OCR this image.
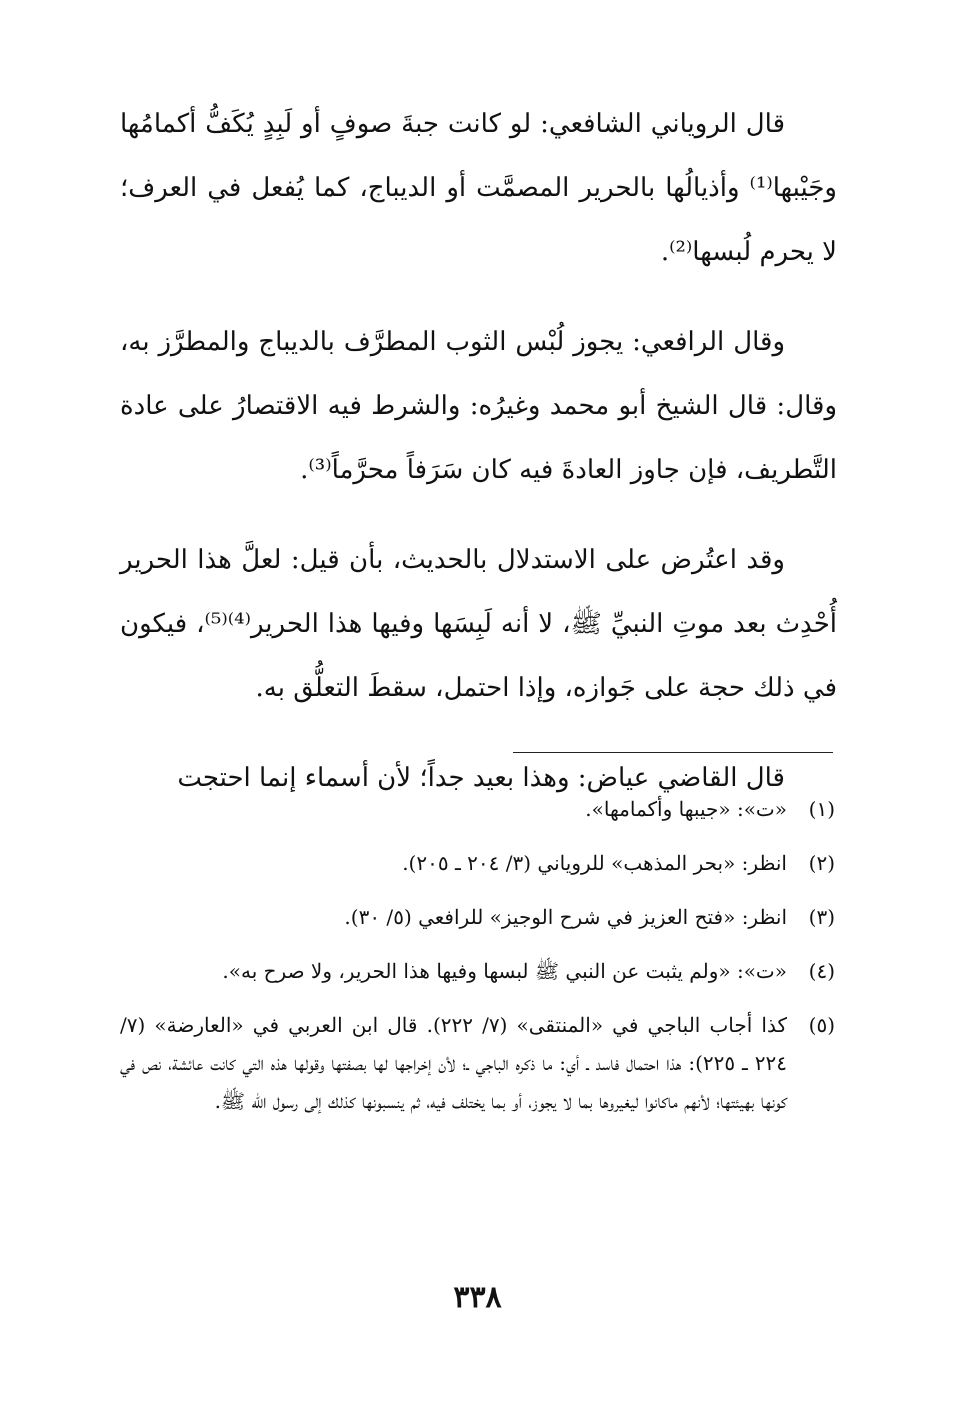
قال الروياني الشافعي: لو كانت جبةَ صوفٍ أو لَبِدٍ يُكَفُّ أكمامُها وجَيْبها⁽¹⁾ وأذيالُها بالحرير المصمَّت أو الديباج، كما يُفعل في العرف؛ لا يحرم لُبسها⁽²⁾.

وقال الرافعي: يجوز لُبْس الثوب المطرَّف بالديباج والمطرَّز به، وقال: قال الشيخ أبو محمد وغيرُه: والشرط فيه الاقتصارُ على عادة التَّطريف، فإن جاوز العادةَ فيه كان سَرَفاً محرَّماً⁽³⁾.

وقد اعتُرض على الاستدلال بالحديث، بأن قيل: لعلَّ هذا الحرير أُحْدِث بعد موتِ النبيِّ ﷺ، لا أنه لَبِسَها وفيها هذا الحرير⁽⁴⁾⁽⁵⁾، فيكون في ذلك حجة على جَوازه، وإذا احتمل، سقطَ التعلُّق به.

قال القاضي عياض: وهذا بعيد جداً؛ لأن أسماء إنما احتجت

(١)
«ت»: «جيبها وأكمامها».
(٢)
انظر: «بحر المذهب» للروياني (٣/ ٢٠٤ ـ ٢٠٥).
(٣)
انظر: «فتح العزيز في شرح الوجيز» للرافعي (٥/ ٣٠).
(٤)
«ت»: «ولم يثبت عن النبي ﷺ لبسها وفيها هذا الحرير، ولا صرح به».
(٥)
كذا أجاب الباجي في «المنتقى» (٧/ ٢٢٢). قال ابن العربي في «العارضة» (٧/ ٢٢٤ ـ ٢٢٥): هذا احتمال فاسد ـ أي: ما ذكره الباجي ـ؛ لأن إخراجها لها بصفتها وقولها هذه التي كانت عائشة، نص في كونها بهيئتها؛ لأنهم ماكانوا ليغيروها بما لا يجوز، أو بما يختلف فيه، ثم ينسبونها كذلك إلى رسول الله ﷺ.
٣٣٨
